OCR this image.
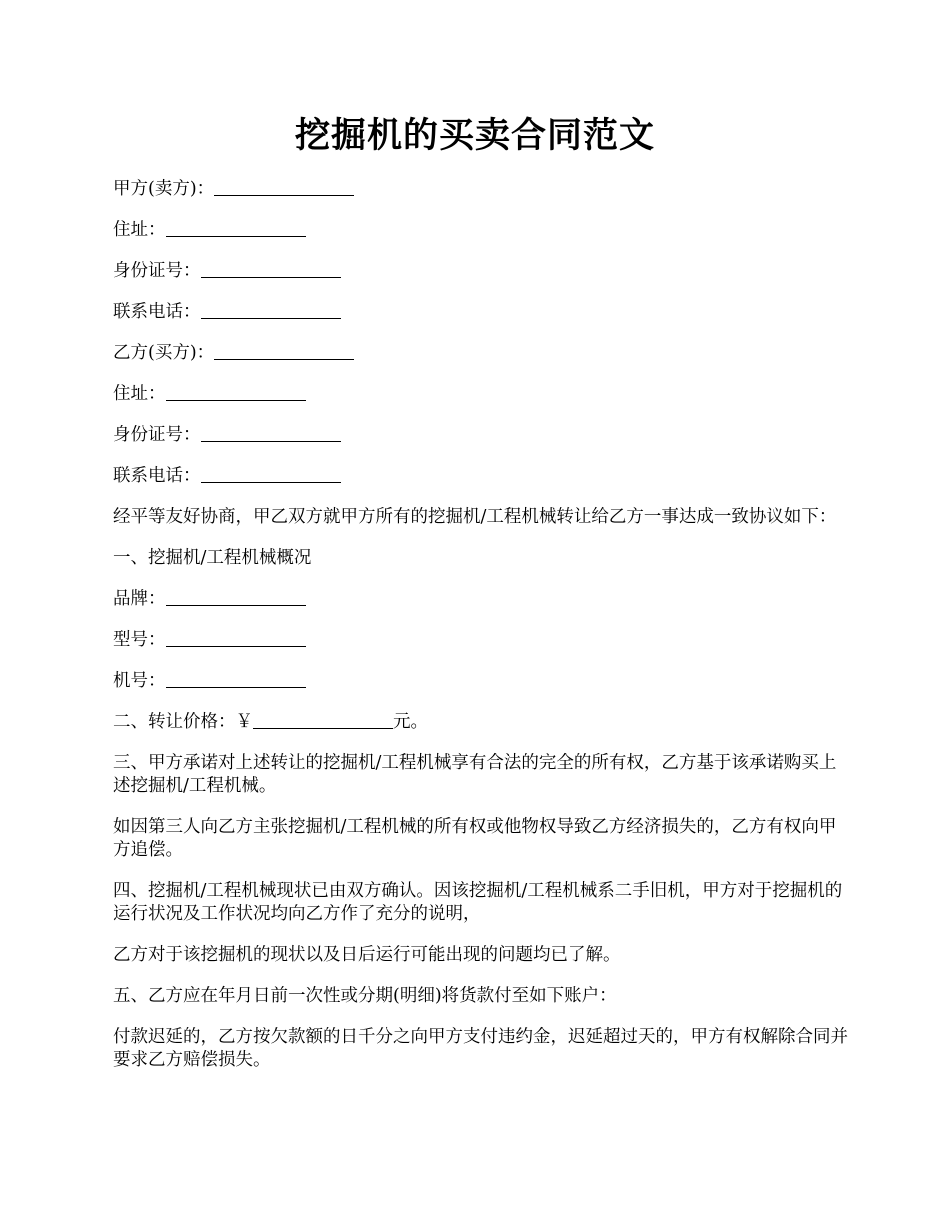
挖掘机的买卖合同范文

甲方(卖方)：

住址：

身份证号：

联系电话：

乙方(买方)：

住址：

身份证号：

联系电话：

经平等友好协商，甲乙双方就甲方所有的挖掘机/工程机械转让给乙方一事达成一致协议如下：

一、挖掘机/工程机械概况

品牌：

型号：

机号：

二、转让价格：￥	元。

三、甲方承诺对上述转让的挖掘机/工程机械享有合法的完全的所有权，乙方基于该承诺购买上述挖掘机/工程机械。

如因第三人向乙方主张挖掘机/工程机械的所有权或他物权导致乙方经济损失的，乙方有权向甲方追偿。

四、挖掘机/工程机械现状已由双方确认。因该挖掘机/工程机械系二手旧机，甲方对于挖掘机的运行状况及工作状况均向乙方作了充分的说明，

乙方对于该挖掘机的现状以及日后运行可能出现的问题均已了解。

五、乙方应在年月日前一次性或分期(明细)将货款付至如下账户：

付款迟延的，乙方按欠款额的日千分之向甲方支付违约金，迟延超过天的，甲方有权解除合同并要求乙方赔偿损失。
